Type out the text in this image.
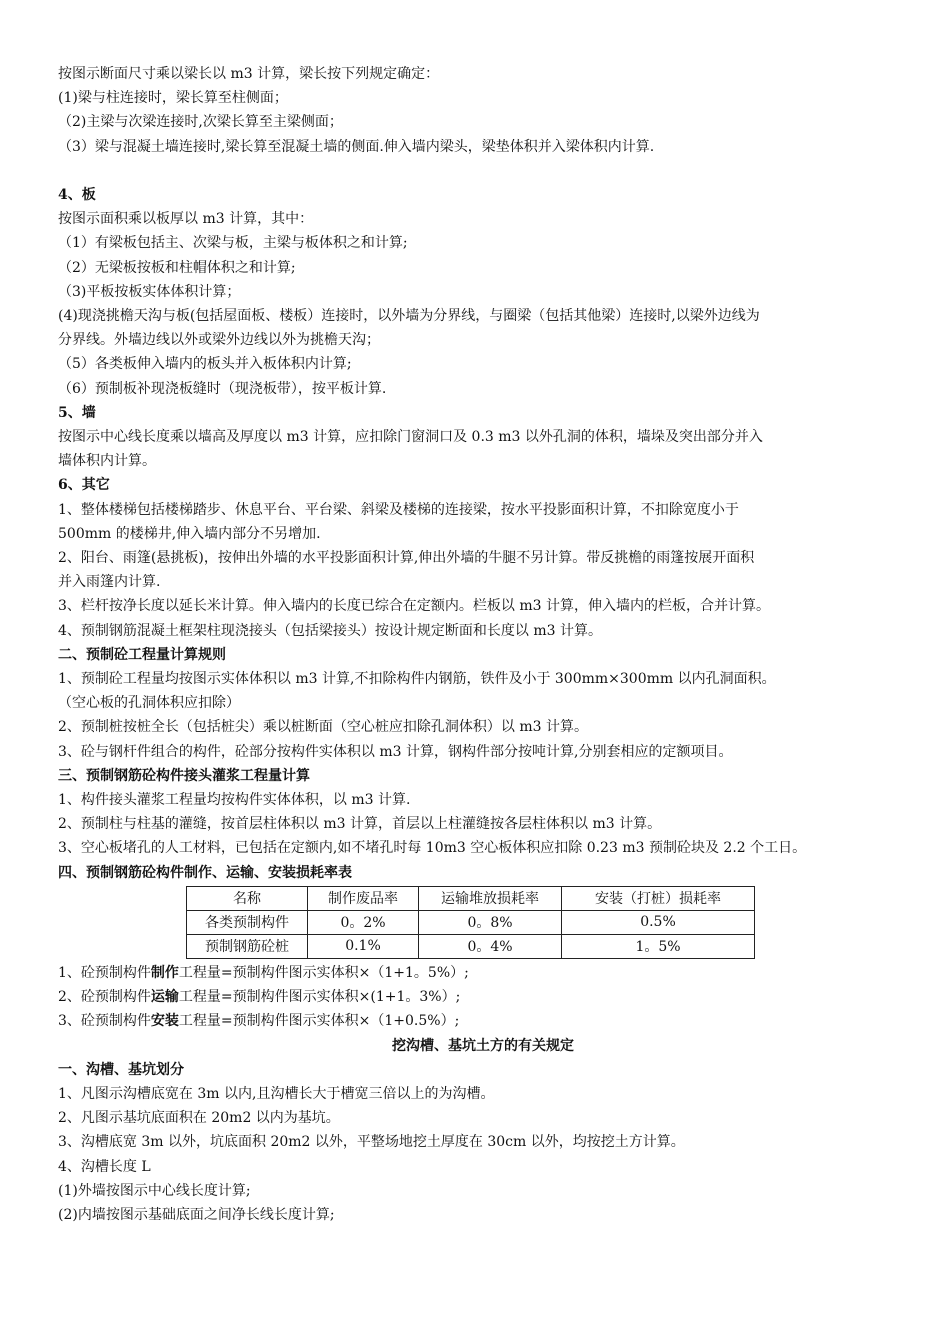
按图示断面尺寸乘以梁长以 m3 计算，梁长按下列规定确定：
(1)梁与柱连接时，梁长算至柱侧面；
（2)主梁与次梁连接时,次梁长算至主梁侧面；
（3）梁与混凝土墙连接时,梁长算至混凝土墙的侧面.伸入墙内梁头，梁垫体积并入梁体积内计算.
4、板
按图示面积乘以板厚以 m3 计算，其中：
（1）有梁板包括主、次梁与板，主梁与板体积之和计算;
（2）无梁板按板和柱帽体积之和计算;
（3)平板按板实体体积计算；
(4)现浇挑檐天沟与板(包括屋面板、楼板）连接时，以外墙为分界线，与圈梁（包括其他梁）连接时,以梁外边线为
分界线。外墙边线以外或梁外边线以外为挑檐天沟；
（5）各类板伸入墙内的板头并入板体积内计算;
（6）预制板补现浇板缝时（现浇板带），按平板计算.
5、墙
按图示中心线长度乘以墙高及厚度以 m3 计算，应扣除门窗洞口及 0.3 m3 以外孔洞的体积，墙垛及突出部分并入
墙体积内计算。
6、其它
1、整体楼梯包括楼梯踏步、休息平台、平台梁、斜梁及楼梯的连接梁，按水平投影面积计算，不扣除宽度小于
500mm 的楼梯井,伸入墙内部分不另增加.
2、阳台、雨篷(悬挑板)，按伸出外墙的水平投影面积计算,伸出外墙的牛腿不另计算。带反挑檐的雨篷按展开面积
并入雨篷内计算.
3、栏杆按净长度以延长米计算。伸入墙内的长度已综合在定额内。栏板以 m3 计算，伸入墙内的栏板，合并计算。
4、预制钢筋混凝土框架柱现浇接头（包括梁接头）按设计规定断面和长度以 m3 计算。
二、预制砼工程量计算规则
1、预制砼工程量均按图示实体体积以 m3 计算,不扣除构件内钢筋，铁件及小于 300mm×300mm 以内孔洞面积。
（空心板的孔洞体积应扣除）
2、预制桩按桩全长（包括桩尖）乘以桩断面（空心桩应扣除孔洞体积）以 m3 计算。
3、砼与钢杆件组合的构件，砼部分按构件实体积以 m3 计算，钢构件部分按吨计算,分别套相应的定额项目。
三、预制钢筋砼构件接头灌浆工程量计算
1、构件接头灌浆工程量均按构件实体体积，以 m3 计算.
2、预制柱与柱基的灌缝，按首层柱体积以 m3 计算，首层以上柱灌缝按各层柱体积以 m3 计算。
3、空心板堵孔的人工材料，已包括在定额内,如不堵孔时每 10m3 空心板体积应扣除 0.23 m3 预制砼块及 2.2 个工日。
四、预制钢筋砼构件制作、运输、安装损耗率表
名称	制作废品率	运输堆放损耗率	安装（打桩）损耗率
各类预制构件	0。2%	0。8%	0.5%
预制钢筋砼桩	0.1%	0。4%	1。5%
1、砼预制构件制作工程量=预制构件图示实体积×（1+1。5%）;
2、砼预制构件运输工程量=预制构件图示实体积×(1+1。3%）;
3、砼预制构件安装工程量=预制构件图示实体积×（1+0.5%）;
挖沟槽、基坑土方的有关规定
一、沟槽、基坑划分
1、凡图示沟槽底宽在 3m 以内,且沟槽长大于槽宽三倍以上的为沟槽。
2、凡图示基坑底面积在 20m2 以内为基坑。
3、沟槽底宽 3m 以外，坑底面积 20m2 以外，平整场地挖土厚度在 30cm 以外，均按挖土方计算。
4、沟槽长度 L
(1)外墙按图示中心线长度计算;
(2)内墙按图示基础底面之间净长线长度计算;
